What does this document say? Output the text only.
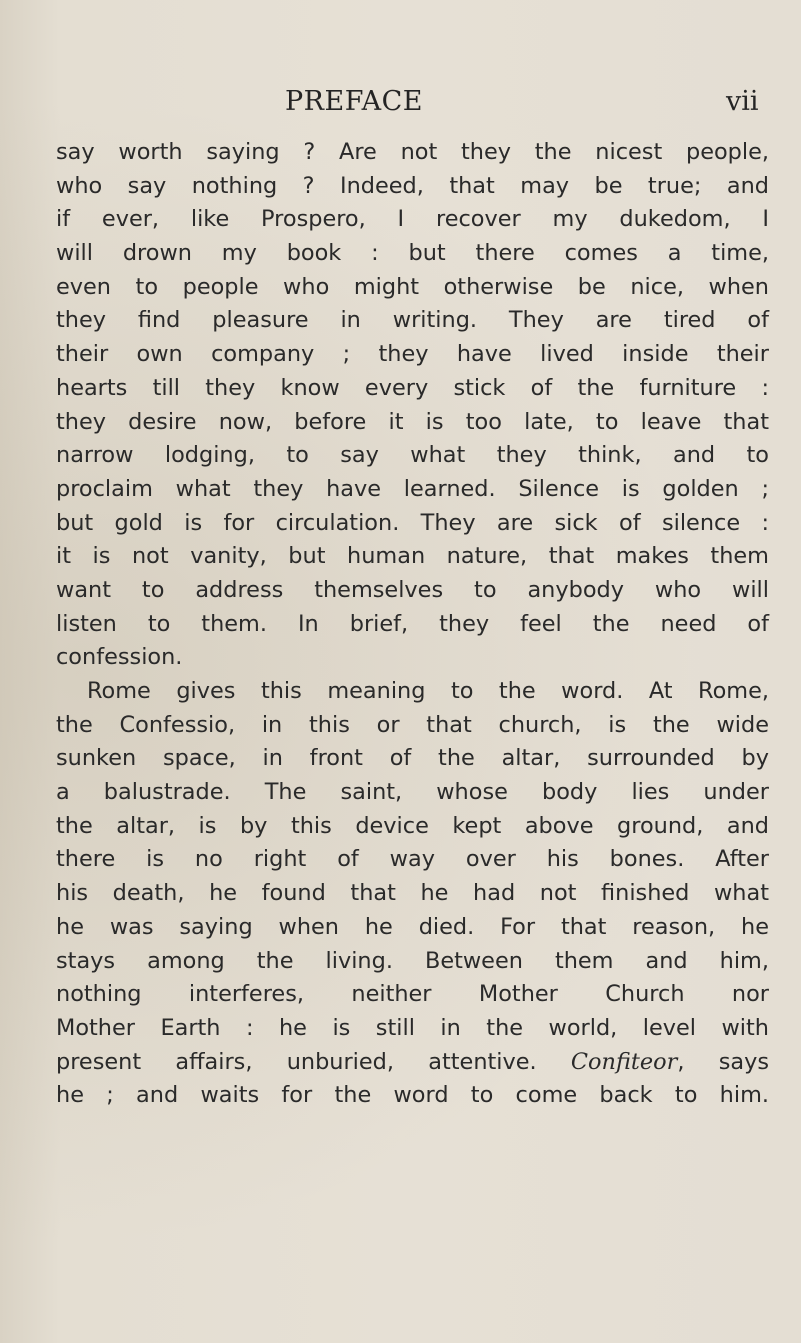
PREFACE	vii
say worth saying ? Are not they the nicest people,
who say nothing ? Indeed, that may be true; and
if ever, like Prospero, I recover my dukedom, I
will drown my book : but there comes a time,
even to people who might otherwise be nice, when
they find pleasure in writing. They are tired of
their own company ; they have lived inside their
hearts till they know every stick of the furniture :
they desire now, before it is too late, to leave that
narrow lodging, to say what they think, and to
proclaim what they have learned. Silence is golden ;
but gold is for circulation. They are sick of silence :
it is not vanity, but human nature, that makes them
want to address themselves to anybody who will
listen to them. In brief, they feel the need of
confession.
Rome gives this meaning to the word. At Rome,
the Confessio, in this or that church, is the wide
sunken space, in front of the altar, surrounded by
a balustrade. The saint, whose body lies under
the altar, is by this device kept above ground, and
there is no right of way over his bones. After
his death, he found that he had not finished what
he was saying when he died. For that reason, he
stays among the living. Between them and him,
nothing interferes, neither Mother Church nor
Mother Earth : he is still in the world, level with
present affairs, unburied, attentive. Confiteor, says
he ; and waits for the word to come back to him.
